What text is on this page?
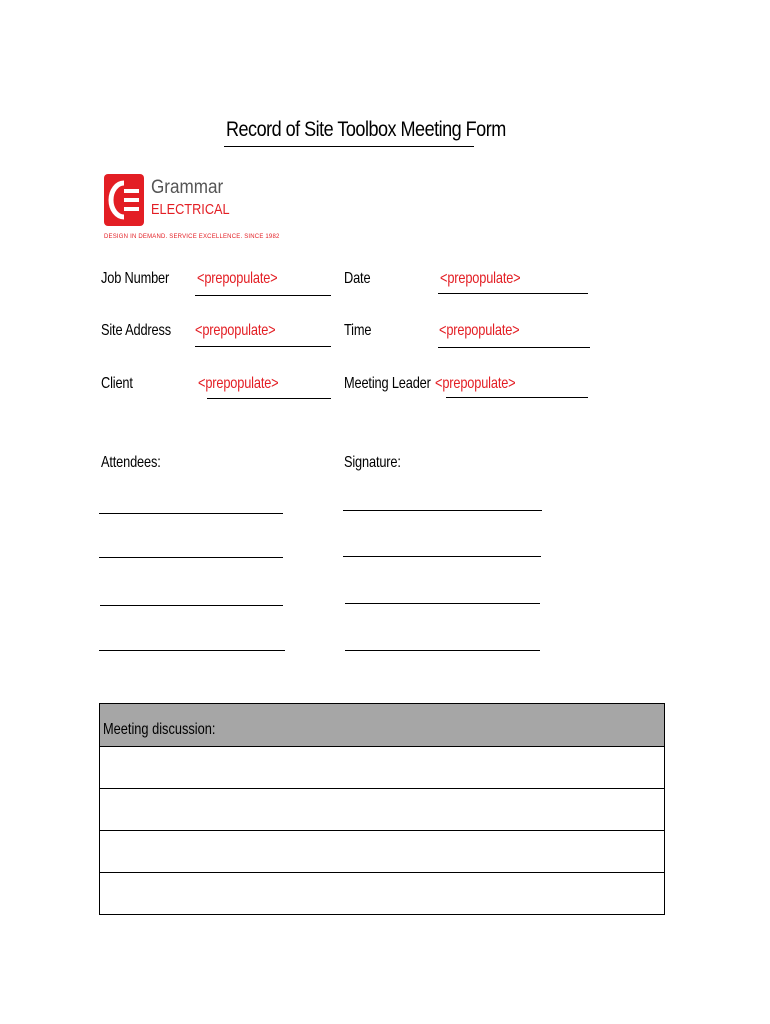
Record of Site Toolbox Meeting Form
Grammar
ELECTRICAL
DESIGN IN DEMAND. SERVICE EXCELLENCE. SINCE 1982
Job Number <prepopulate>	Date	<prepopulate>
Site Address <prepopulate>	Time	<prepopulate>
Client	<prepopulate>	Meeting Leader <prepopulate>
Attendees:	Signature:
Meeting discussion:
